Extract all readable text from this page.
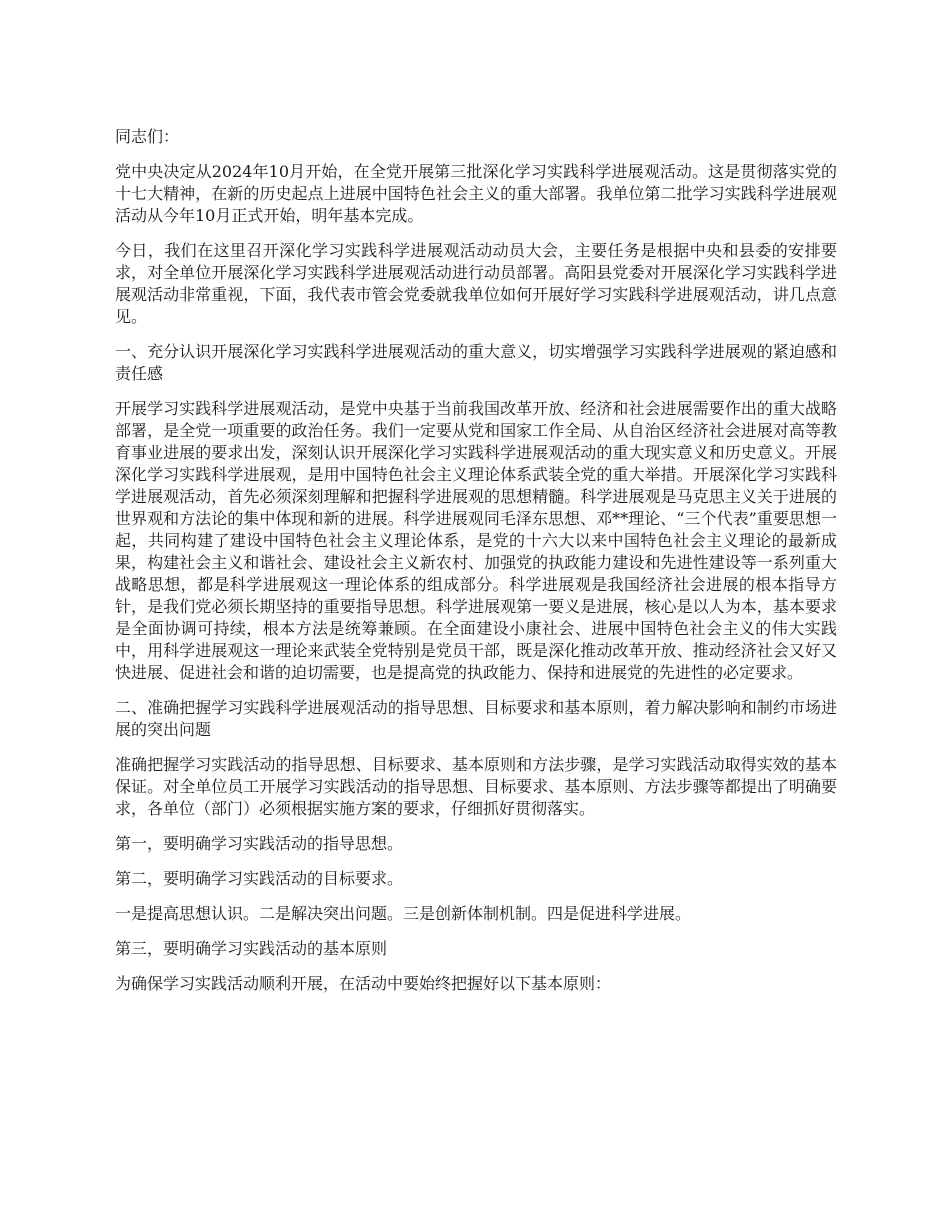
同志们：

党中央决定从2024年10月开始，在全党开展第三批深化学习实践科学进展观活动。这是贯彻落实党的十七大精神，在新的历史起点上进展中国特色社会主义的重大部署。我单位第二批学习实践科学进展观活动从今年10月正式开始，明年基本完成。

今日，我们在这里召开深化学习实践科学进展观活动动员大会，主要任务是根据中央和县委的安排要求，对全单位开展深化学习实践科学进展观活动进行动员部署。高阳县党委对开展深化学习实践科学进展观活动非常重视，下面，我代表市管会党委就我单位如何开展好学习实践科学进展观活动，讲几点意见。

一、充分认识开展深化学习实践科学进展观活动的重大意义，切实增强学习实践科学进展观的紧迫感和责任感

开展学习实践科学进展观活动，是党中央基于当前我国改革开放、经济和社会进展需要作出的重大战略部署，是全党一项重要的政治任务。我们一定要从党和国家工作全局、从自治区经济社会进展对高等教育事业进展的要求出发，深刻认识开展深化学习实践科学进展观活动的重大现实意义和历史意义。开展深化学习实践科学进展观，是用中国特色社会主义理论体系武装全党的重大举措。开展深化学习实践科学进展观活动，首先必须深刻理解和把握科学进展观的思想精髓。科学进展观是马克思主义关于进展的世界观和方法论的集中体现和新的进展。科学进展观同毛泽东思想、邓**理论、“三个代表”重要思想一起，共同构建了建设中国特色社会主义理论体系，是党的十六大以来中国特色社会主义理论的最新成果，构建社会主义和谐社会、建设社会主义新农村、加强党的执政能力建设和先进性建设等一系列重大战略思想，都是科学进展观这一理论体系的组成部分。科学进展观是我国经济社会进展的根本指导方针，是我们党必须长期坚持的重要指导思想。科学进展观第一要义是进展，核心是以人为本，基本要求是全面协调可持续，根本方法是统筹兼顾。在全面建设小康社会、进展中国特色社会主义的伟大实践中，用科学进展观这一理论来武装全党特别是党员干部，既是深化推动改革开放、推动经济社会又好又快进展、促进社会和谐的迫切需要，也是提高党的执政能力、保持和进展党的先进性的必定要求。

二、准确把握学习实践科学进展观活动的指导思想、目标要求和基本原则，着力解决影响和制约市场进展的突出问题

准确把握学习实践活动的指导思想、目标要求、基本原则和方法步骤，是学习实践活动取得实效的基本保证。对全单位员工开展学习实践活动的指导思想、目标要求、基本原则、方法步骤等都提出了明确要求，各单位（部门）必须根据实施方案的要求，仔细抓好贯彻落实。

第一，要明确学习实践活动的指导思想。

第二，要明确学习实践活动的目标要求。

一是提高思想认识。二是解决突出问题。三是创新体制机制。四是促进科学进展。

第三，要明确学习实践活动的基本原则

为确保学习实践活动顺利开展，在活动中要始终把握好以下基本原则：
